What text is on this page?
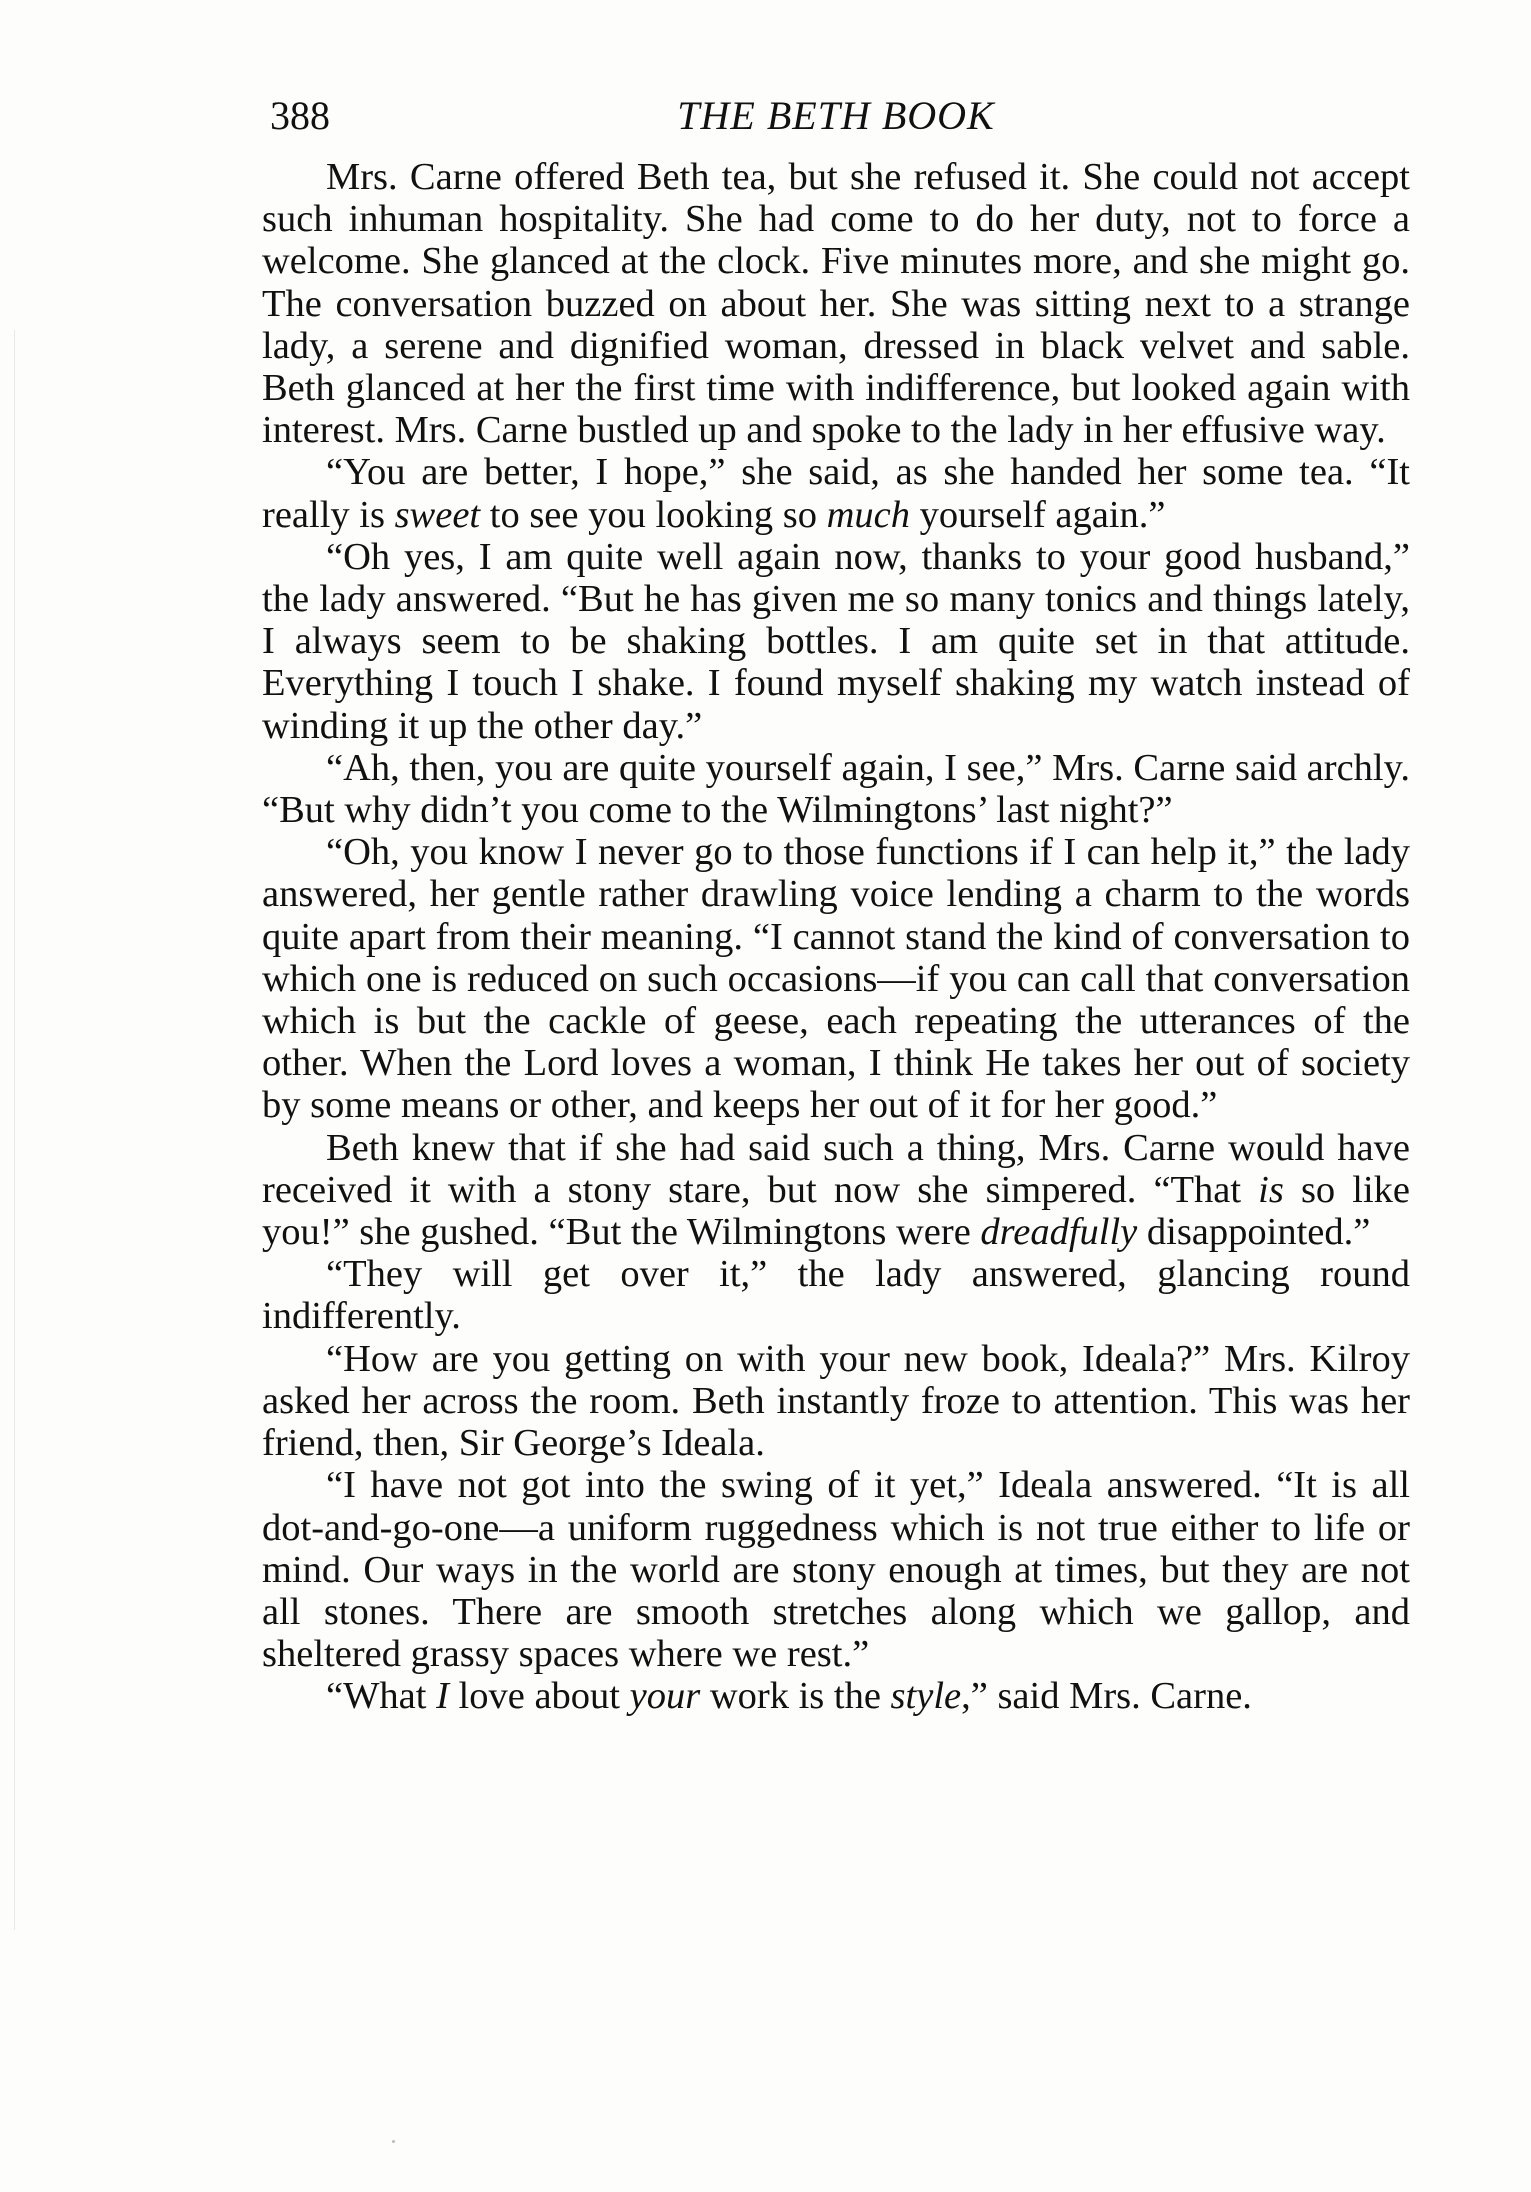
388	THE BETH BOOK

Mrs. Carne offered Beth tea, but she refused it. She could not accept such inhuman hospitality. She had come to do her duty, not to force a welcome. She glanced at the clock. Five minutes more, and she might go. The conversation buzzed on about her. She was sitting next to a strange lady, a serene and dignified woman, dressed in black velvet and sable. Beth glanced at her the first time with indifference, but looked again with interest. Mrs. Carne bustled up and spoke to the lady in her effusive way.

“You are better, I hope,” she said, as she handed her some tea. “It really is sweet to see you looking so much yourself again.”

“Oh yes, I am quite well again now, thanks to your good husband,” the lady answered. “But he has given me so many tonics and things lately, I always seem to be shaking bottles. I am quite set in that attitude. Everything I touch I shake. I found myself shaking my watch instead of winding it up the other day.”

“Ah, then, you are quite yourself again, I see,” Mrs. Carne said archly. “But why didn’t you come to the Wilmingtons’ last night?”

“Oh, you know I never go to those functions if I can help it,” the lady answered, her gentle rather drawling voice lending a charm to the words quite apart from their meaning. “I cannot stand the kind of conversation to which one is reduced on such occasions—if you can call that conversation which is but the cackle of geese, each repeating the utterances of the other. When the Lord loves a woman, I think He takes her out of society by some means or other, and keeps her out of it for her good.”

Beth knew that if she had said such a thing, Mrs. Carne would have received it with a stony stare, but now she simpered. “That is so like you!” she gushed. “But the Wilmingtons were dreadfully disappointed.”

“They will get over it,” the lady answered, glancing round indifferently.

“How are you getting on with your new book, Ideala?” Mrs. Kilroy asked her across the room. Beth instantly froze to attention. This was her friend, then, Sir George’s Ideala.

“I have not got into the swing of it yet,” Ideala answered. “It is all dot-and-go-one—a uniform ruggedness which is not true either to life or mind. Our ways in the world are stony enough at times, but they are not all stones. There are smooth stretches along which we gallop, and sheltered grassy spaces where we rest.”

“What I love about your work is the style,” said Mrs. Carne.
